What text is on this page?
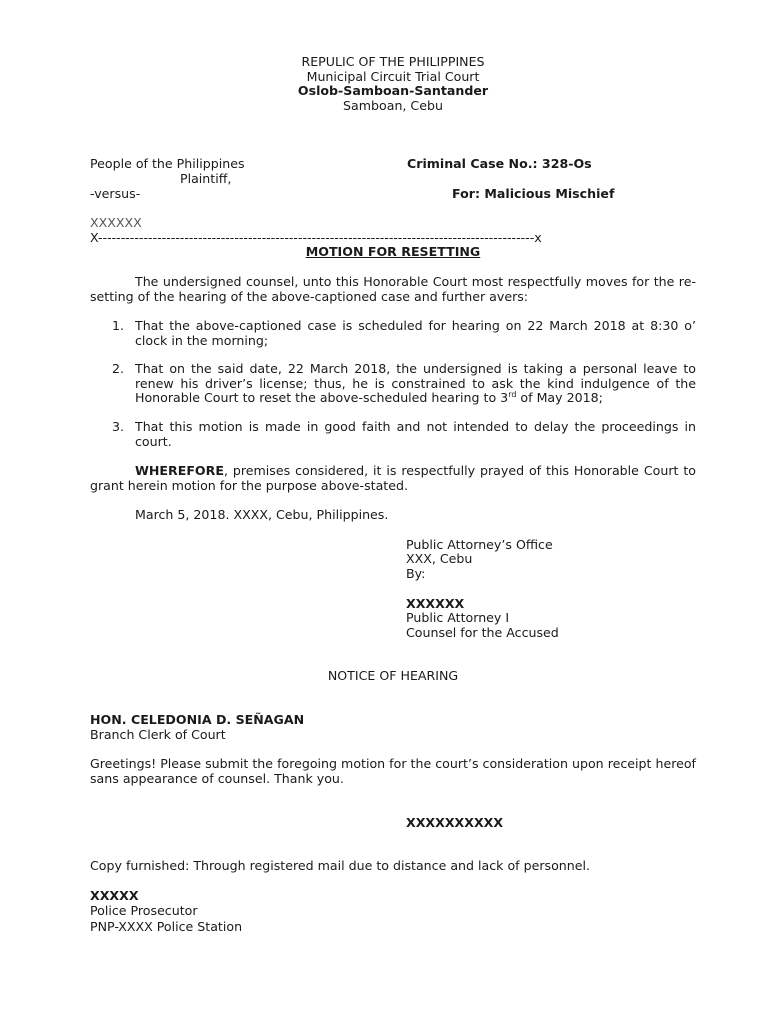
REPULIC OF THE PHILIPPINES
Municipal Circuit Trial Court
Oslob-Samboan-Santander
Samboan, Cebu
People of the Philippines
Plaintiff,
-versus-
Criminal Case No.: 328-Os
For: Malicious Mischief
XXXXXX
X------------------------------------------------------------------------------------------------x
MOTION FOR RESETTING
The undersigned counsel, unto this Honorable Court most respectfully moves for the re-setting of the hearing of the above-captioned case and further avers:
1. That the above-captioned case is scheduled for hearing on 22 March 2018 at 8:30 o’ clock in the morning;
2. That on the said date, 22 March 2018, the undersigned is taking a personal leave to renew his driver’s license; thus, he is constrained to ask the kind indulgence of the Honorable Court to reset the above-scheduled hearing to 3rd of May 2018;
3. That this motion is made in good faith and not intended to delay the proceedings in court.
WHEREFORE, premises considered, it is respectfully prayed of this Honorable Court to grant herein motion for the purpose above-stated.
March 5, 2018. XXXX, Cebu, Philippines.
Public Attorney’s Office
XXX, Cebu
By:
XXXXXX
Public Attorney I
Counsel for the Accused
NOTICE OF HEARING
HON. CELEDONIA D. SEÑAGAN
Branch Clerk of Court
Greetings! Please submit the foregoing motion for the court’s consideration upon receipt hereof sans appearance of counsel. Thank you.
XXXXXXXXXX
Copy furnished: Through registered mail due to distance and lack of personnel.
XXXXX
Police Prosecutor
PNP-XXXX Police Station
